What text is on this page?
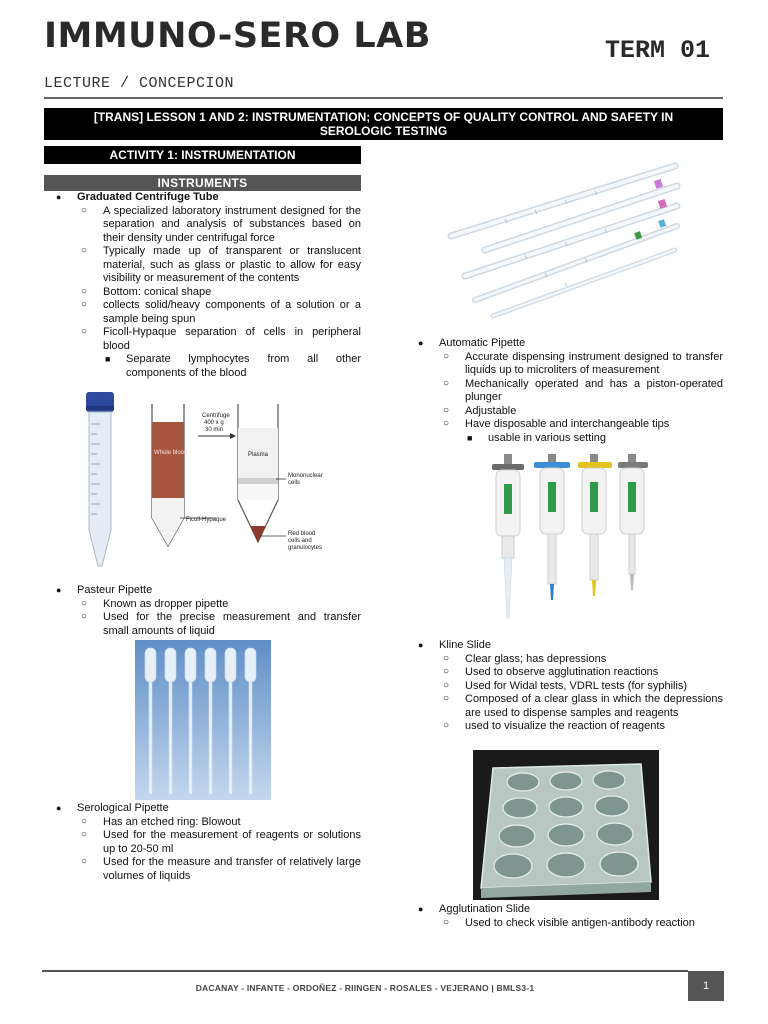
IMMUNO-SERO LAB	TERM 01
LECTURE / CONCEPCION
[TRANS] LESSON 1 AND 2: INSTRUMENTATION; CONCEPTS OF QUALITY CONTROL AND SAFETY IN
SEROLOGIC TESTING
ACTIVITY 1: INSTRUMENTATION
INSTRUMENTS
● Graduated Centrifuge Tube
○ A specialized laboratory instrument designed for the separation and analysis of substances based on their density under centrifugal force
○ Typically made up of transparent or translucent material, such as glass or plastic to allow for easy visibility or measurement of the contents
○ Bottom: conical shape
○ collects solid/heavy components of a solution or a sample being spun
○ Ficoll-Hypaque separation of cells in peripheral blood
■ Separate lymphocytes from all other components of the blood
Whole blood
Centrifuge
400 x g
30 min
Plasma
Mononuclear
cells
Ficoll-Hypaque
Red blood
cells and
granulocytes
● Pasteur Pipette
○ Known as dropper pipette
○ Used for the precise measurement and transfer small amounts of liquid
● Serological Pipette
○ Has an etched ring: Blowout
○ Used for the measurement of reagents or solutions up to 20-50 ml
○ Used for the measure and transfer of relatively large volumes of liquids
● Automatic Pipette
○ Accurate dispensing instrument designed to transfer liquids up to microliters of measurement
○ Mechanically operated and has a piston-operated plunger
○ Adjustable
○ Have disposable and interchangeable tips
■ usable in various setting
● Kline Slide
○ Clear glass; has depressions
○ Used to observe agglutination reactions
○ Used for Widal tests, VDRL tests (for syphilis)
○ Composed of a clear glass in which the depressions are used to dispense samples and reagents
○ used to visualize the reaction of reagents
● Agglutination Slide
○ Used to check visible antigen-antibody reaction
DACANAY - INFANTE - ORDOÑEZ - RIINGEN - ROSALES - VEJERANO | BMLS3-1	1
